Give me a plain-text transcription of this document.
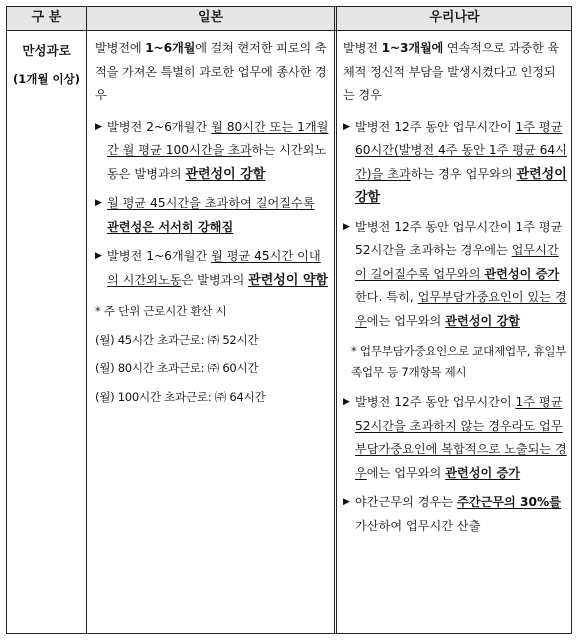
구 분	일본	우리나라
만성과로
(1개월 이상)

발병전에 1~6개월에 걸쳐 현저한 피로의 축적을 가져온 특별히 과로한 업무에 종사한 경우

▶ 발병전 2~6개월간 월 80시간 또는 1개월간 월 평균 100시간을 초과하는 시간외노동은 발병과의 관련성이 강함
▶ 월 평균 45시간을 초과하여 길어질수록 관련성은 서서히 강해짐
▶ 발병전 1~6개월간 월 평균 45시간 이내의 시간외노동은 발병과의 관련성이 약함
* 주 단위 근로시간 환산 시
(월) 45시간 초과근로: ㈜ 52시간
(월) 80시간 초과근로: ㈜ 60시간
(월) 100시간 초과근로: ㈜ 64시간

발병전 1~3개월에 연속적으로 과중한 육체적 정신적 부담을 발생시켰다고 인정되는 경우

▶ 발병전 12주 동안 업무시간이 1주 평균 60시간(발병전 4주 동안 1주 평균 64시간)을 초과하는 경우 업무와의 관련성이 강함
▶ 발병전 12주 동안 업무시간이 1주 평균 52시간을 초과하는 경우에는 업무시간이 길어질수록 업무와의 관련성이 증가한다. 특히, 업무부담가중요인이 있는 경우에는 업무와의 관련성이 강함
* 업무부담가중요인으로 교대제업무, 휴일부족업무 등 7개항목 제시
▶ 발병전 12주 동안 업무시간이 1주 평균 52시간을 초과하지 않는 경우라도 업무부담가중요인에 복합적으로 노출되는 경우에는 업무와의 관련성이 증가
▶ 야간근무의 경우는 주간근무의 30%를 가산하여 업무시간 산출
